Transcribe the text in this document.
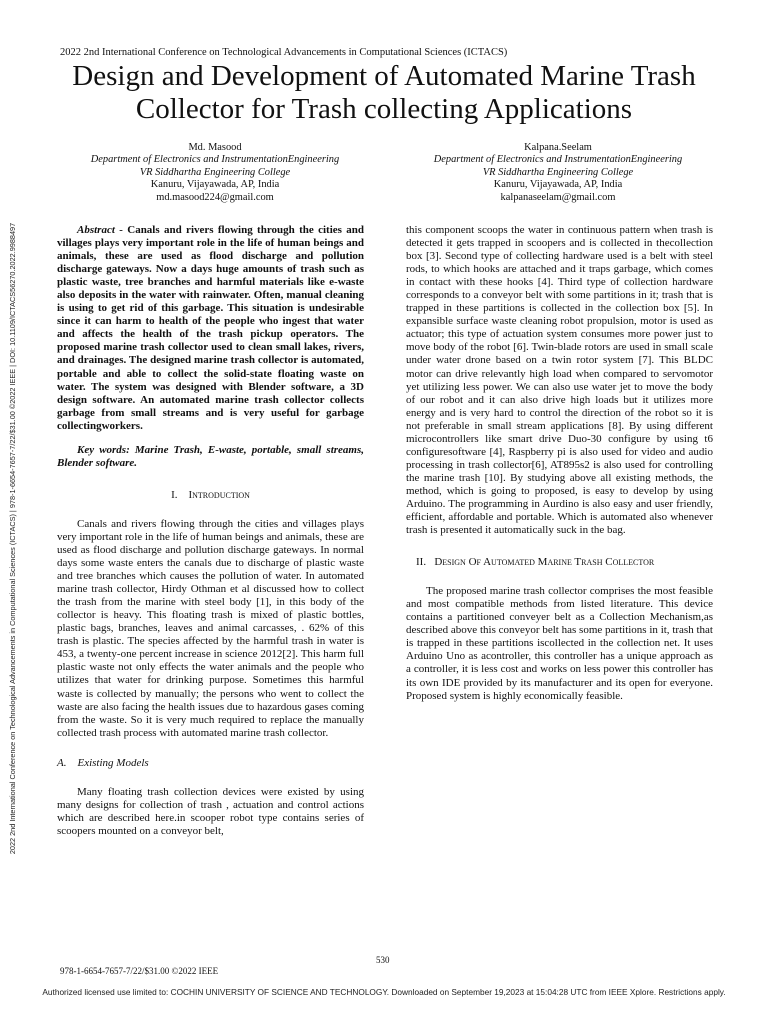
2022 2nd International Conference on Technological Advancements in Computational Sciences (ICTACS) | 978-1-6654-7657-7/22/$31.00 ©2022 IEEE | DOI: 10.1109/ICTACS56270.2022.9988497
2022 2nd International Conference on Technological Advancements in Computational Sciences (ICTACS)
Design and Development of Automated Marine Trash Collector for Trash collecting Applications
Md. Masood
Department of Electronics and InstrumentationEngineering
VR Siddhartha Engineering College
Kanuru, Vijayawada, AP, India
md.masood224@gmail.com
Kalpana.Seelam
Department of Electronics and InstrumentationEngineering
VR Siddhartha Engineering College
Kanuru, Vijayawada, AP, India
kalpanaseelam@gmail.com

Abstract - Canals and rivers flowing through the cities and villages plays very important role in the life of human beings and animals, these are used as flood discharge and pollution discharge gateways. Now a days huge amounts of trash such as plastic waste, tree branches and harmful materials like e-waste also deposits in the water with rainwater. Often, manual cleaning is using to get rid of this garbage. This situation is undesirable since it can harm to health of the people who ingest that water and affects the health of the trash pickup operators. The proposed marine trash collector used to clean small lakes, rivers, and drainages. The designed marine trash collector is automated, portable and able to collect the solid-state floating waste on water. The system was designed with Blender software, a 3D design software. An automated marine trash collector collects garbage from small streams and is very useful for garbage collectingworkers.

Key words: Marine Trash, E-waste, portable, small streams, Blender software.

I. Introduction

Canals and rivers flowing through the cities and villages plays very important role in the life of human beings and animals, these are used as flood discharge and pollution discharge gateways. In normal days some waste enters the canals due to discharge of plastic waste and tree branches which causes the pollution of water. In automated marine trash collector, Hirdy Othman et al discussed how to collect the trash from the marine with steel body [1], in this body of the collector is heavy. This floating trash is mixed of plastic bottles, plastic bags, branches, leaves and animal carcasses, . 62% of this trash is plastic. The species affected by the harmful trash in water is 453, a twenty-one percent increase in science 2012[2]. This harm full plastic waste not only effects the water animals and the people who utilizes that water for drinking purpose. Sometimes this harmful waste is collected by manually; the persons who went to collect the waste are also facing the health issues due to hazardous gases coming from the waste. So it is very much required to replace the manually collected trash process with automated marine trash collector.

A. Existing Models

Many floating trash collection devices were existed by using many designs for collection of trash , actuation and control actions which are described here.in scooper robot type contains series of scoopers mounted on a conveyor belt,

this component scoops the water in continuous pattern when trash is detected it gets trapped in scoopers and is collected in thecollection box [3]. Second type of collecting hardware used is a belt with steel rods, to which hooks are attached and it traps garbage, which comes in contact with these hooks [4]. Third type of collection hardware corresponds to a conveyor belt with some partitions in it; trash that is trapped in these partitions is collected in the collection box [5]. In expansible surface waste cleaning robot propulsion, motor is used as actuator; this type of actuation system consumes more power just to move body of the robot [6]. Twin-blade rotors are used in small scale under water drone based on a twin rotor system [7]. This BLDC motor can drive relevantly high load when compared to servomotor yet utilizing less power. We can also use water jet to move the body of our robot and it can also drive high loads but it utilizes more energy and is very hard to control the direction of the robot so it is not preferable in small stream applications [8]. By using different microcontrollers like smart drive Duo-30 configure by using t6 configuresoftware [4], Raspberry pi is also used for video and audio processing in trash collector[6], AT895s2 is also used for controlling the marine trash [10]. By studying above all existing methods, the method, which is going to proposed, is easy to develop by using Arduino. The programming in Aurdino is also easy and user friendly, efficient, affordable and portable. Which is automated also whenever trash is presented it automatically suck in the bag.

II. Design Of Automated Marine Trash Collector

The proposed marine trash collector comprises the most feasible and most compatible methods from listed literature. This device contains a partitioned conveyer belt as a Collection Mechanism,as described above this conveyor belt has some partitions in it, trash that is trapped in these partitions iscollected in the collection net. It uses Arduino Uno as acontroller, this controller has a unique approach as a controller, it is less cost and works on less power this controller has its own IDE provided by its manufacturer and its open for everyone. Proposed system is highly economically feasible.

530
978-1-6654-7657-7/22/$31.00 ©2022 IEEE
Authorized licensed use limited to: COCHIN UNIVERSITY OF SCIENCE AND TECHNOLOGY. Downloaded on September 19,2023 at 15:04:28 UTC from IEEE Xplore. Restrictions apply.
